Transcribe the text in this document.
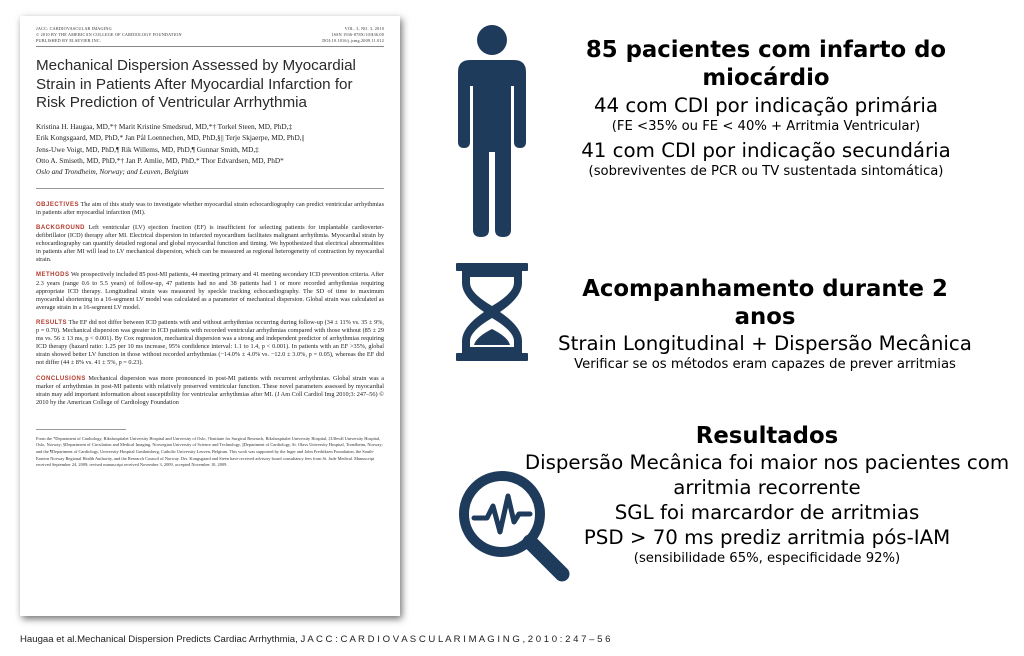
JACC: CARDIOVASCULAR IMAGING
© 2010 BY THE AMERICAN COLLEGE OF CARDIOLOGY FOUNDATION
PUBLISHED BY ELSEVIER INC.
VOL. 3, NO. 3, 2010
ISSN 1936-878X/10/$36.00
DOI:10.1016/j.jcmg.2009.11.012
Mechanical Dispersion Assessed by Myocardial Strain in Patients After Myocardial Infarction for Risk Prediction of Ventricular Arrhythmia
Kristina H. Haugaa, MD,*† Marit Kristine Smedsrud, MD,*† Torkel Steen, MD, PhD,‡
Erik Kongsgaard, MD, PhD,* Jan Pål Loennechen, MD, PhD,§|| Terje Skjaerpe, MD, PhD,||
Jens-Uwe Voigt, MD, PhD,¶ Rik Willems, MD, PhD,¶ Gunnar Smith, MD,‡
Otto A. Smiseth, MD, PhD,*† Jan P. Amlie, MD, PhD,* Thor Edvardsen, MD, PhD*
Oslo and Trondheim, Norway; and Leuven, Belgium
OBJECTIVES The aim of this study was to investigate whether myocardial strain echocardiography can predict ventricular arrhythmias in patients after myocardial infarction (MI).
BACKGROUND Left ventricular (LV) ejection fraction (EF) is insufficient for selecting patients for implantable cardioverter-defibrillator (ICD) therapy after MI. Electrical dispersion in infarcted myocardium facilitates malignant arrhythmia. Myocardial strain by echocardiography can quantify detailed regional and global myocardial function and timing. We hypothesized that electrical abnormalities in patients after MI will lead to LV mechanical dispersion, which can be measured as regional heterogeneity of contraction by myocardial strain.
METHODS We prospectively included 85 post-MI patients, 44 meeting primary and 41 meeting secondary ICD prevention criteria. After 2.3 years (range 0.6 to 5.5 years) of follow-up, 47 patients had no and 38 patients had 1 or more recorded arrhythmias requiring appropriate ICD therapy. Longitudinal strain was measured by speckle tracking echocardiography. The SD of time to maximum myocardial shortening in a 16-segment LV model was calculated as a parameter of mechanical dispersion. Global strain was calculated as average strain in a 16-segment LV model.
RESULTS The EF did not differ between ICD patients with and without arrhythmias occurring during follow-up (34 ± 11% vs. 35 ± 9%, p = 0.70). Mechanical dispersion was greater in ICD patients with recorded ventricular arrhythmias compared with those without (85 ± 29 ms vs. 56 ± 13 ms, p < 0.001). By Cox regression, mechanical dispersion was a strong and independent predictor of arrhythmias requiring ICD therapy (hazard ratio: 1.25 per 10 ms increase, 95% confidence interval: 1.1 to 1.4, p < 0.001). In patients with an EF >35%, global strain showed better LV function in those without recorded arrhythmias (−14.0% ± 4.0% vs. −12.0 ± 3.0%, p = 0.05), whereas the EF did not differ (44 ± 8% vs. 41 ± 5%, p = 0.23).
CONCLUSIONS Mechanical dispersion was more pronounced in post-MI patients with recurrent arrhythmias. Global strain was a marker of arrhythmias in post-MI patients with relatively preserved ventricular function. These novel parameters assessed by myocardial strain may add important information about susceptibility for ventricular arrhythmias after MI. (J Am Coll Cardiol Img 2010;3: 247–56) © 2010 by the American College of Cardiology Foundation
From the *Department of Cardiology, Rikshospitalet University Hospital and University of Oslo, †Institute for Surgical Research, Rikshospitalet University Hospital, ‡Ullevål University Hospital, Oslo, Norway; §Department of Circulation and Medical Imaging, Norwegian University of Science and Technology, ||Department of Cardiology, St. Olavs University Hospital, Trondheim, Norway; and the ¶Department of Cardiology, University Hospital Gasthuisberg, Catholic University Leuven, Belgium. This work was supported by the Inger and John Fredriksen Foundation, the South-Eastern Norway Regional Health Authority, and the Research Council of Norway. Drs. Kongsgaard and Steen have received advisory board consultancy fees from St. Jude Medical. Manuscript received September 24, 2009; revised manuscript received November 3, 2009, accepted November 10, 2009.
85 pacientes com infarto do miocárdio
44 com CDI por indicação primária
(FE <35% ou FE < 40% + Arritmia Ventricular)
41 com CDI por indicação secundária
(sobreviventes de PCR ou TV sustentada sintomática)
Acompanhamento durante 2 anos
Strain Longitudinal + Dispersão Mecânica
Verificar se os métodos eram capazes de prever arritmias
Resultados
Dispersão Mecânica foi maior nos pacientes com
arritmia recorrente
SGL foi marcardor de arritmias
PSD > 70 ms prediz arritmia pós-IAM
(sensibilidade 65%, especificidade 92%)
Haugaa et al.Mechanical Dispersion Predicts Cardiac Arrhythmia, J A C C : C A R D I O V A S C U L A R I M A G I N G , 2 0 1 0 : 2 4 7 – 5 6
